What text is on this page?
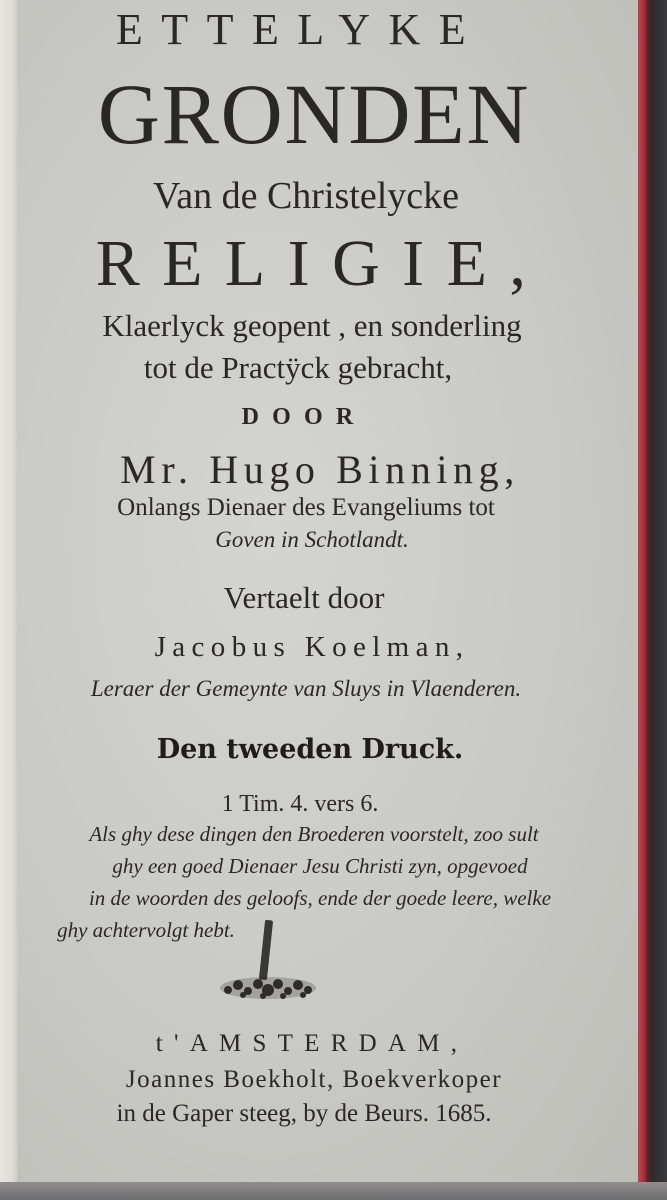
ETTELYKE

GRONDEN

Van de Christelycke

RELIGIE,

Klaerlyck geopent , en sonderling

tot de Practÿck gebracht,

DOOR

Mr. Hugo Binning,

Onlangs Dienaer des Evangeliums tot

Goven in Schotlandt.

Vertaelt door

Jacobus Koelman,

Leraer der Gemeynte van Sluys in Vlaenderen.

Den tweeden Druck.

1 Tim. 4. vers 6.

Als ghy dese dingen den Broederen voorstelt, zoo sult

ghy een goed Dienaer Jesu Christi zyn, opgevoed

in de woorden des geloofs, ende der goede leere, welke

ghy achtervolgt hebt.

t'AMSTERDAM,

Joannes Boekholt, Boekverkoper

in de Gaper steeg, by de Beurs. 1685.
